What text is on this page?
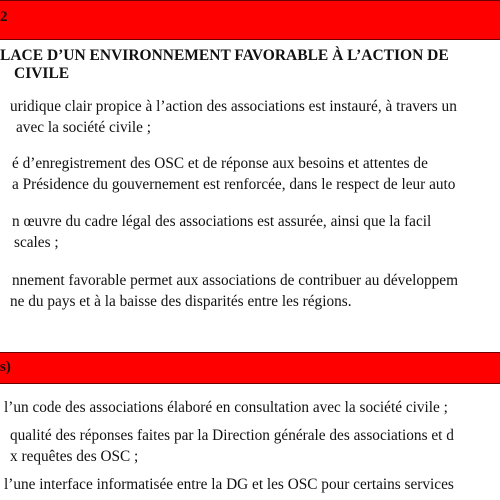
2
LACE D’UN ENVIRONNEMENT FAVORABLE À L’ACTION DE
CIVILE
uridique clair propice à l’action des associations est instauré, à travers un
avec la société civile ;
é d’enregistrement des OSC et de réponse aux besoins et attentes de
a Présidence du gouvernement est renforcée, dans le respect de leur auto
n œuvre du cadre légal des associations est assurée, ainsi que la facil
scales ;
nnement favorable permet aux associations de contribuer au développem
ne du pays et à la baisse des disparités entre les régions.
s)
l’un code des associations élaboré en consultation avec la société civile ;
qualité des réponses faites par la Direction générale des associations et d
x requêtes des OSC ;
l’une interface informatisée entre la DG et les OSC pour certains services
